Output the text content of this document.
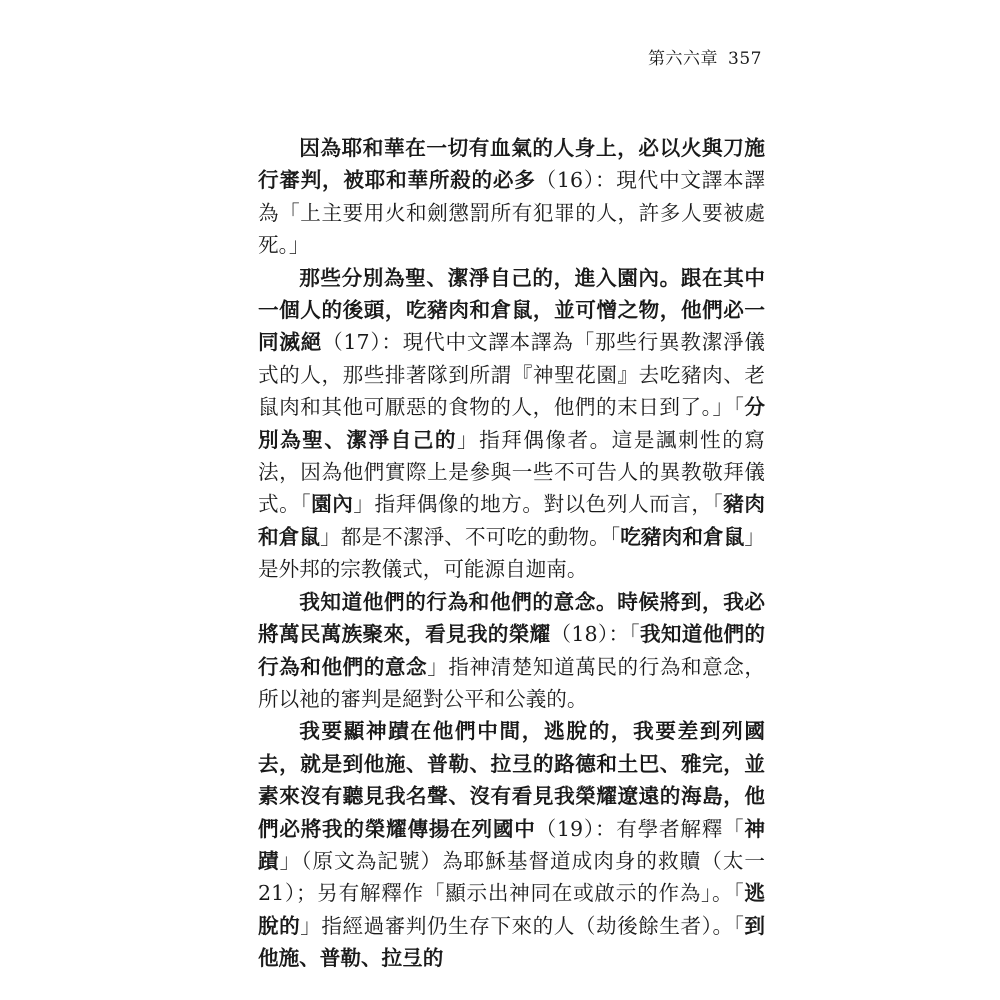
第六六章 357

因為耶和華在一切有血氣的人身上，必以火與刀施行審判，被耶和華所殺的必多（16）：現代中文譯本譯為「上主要用火和劍懲罰所有犯罪的人，許多人要被處死。」

那些分別為聖、潔淨自己的，進入園內。跟在其中一個人的後頭，吃豬肉和倉鼠，並可憎之物，他們必一同滅絕（17）：現代中文譯本譯為「那些行異教潔淨儀式的人，那些排著隊到所謂『神聖花園』去吃豬肉、老鼠肉和其他可厭惡的食物的人，他們的末日到了。」「分別為聖、潔淨自己的」指拜偶像者。這是諷刺性的寫法，因為他們實際上是參與一些不可告人的異教敬拜儀式。「園內」指拜偶像的地方。對以色列人而言，「豬肉和倉鼠」都是不潔淨、不可吃的動物。「吃豬肉和倉鼠」是外邦的宗教儀式，可能源自迦南。

我知道他們的行為和他們的意念。時候將到，我必將萬民萬族聚來，看見我的榮耀（18）：「我知道他們的行為和他們的意念」指神清楚知道萬民的行為和意念，所以祂的審判是絕對公平和公義的。

我要顯神蹟在他們中間，逃脫的，我要差到列國去，就是到他施、普勒、拉弖的路德和土巴、雅完，並素來沒有聽見我名聲、沒有看見我榮耀遼遠的海島，他們必將我的榮耀傳揚在列國中（19）：有學者解釋「神蹟」（原文為記號）為耶穌基督道成肉身的救贖（太一 21）；另有解釋作「顯示出神同在或啟示的作為」。「逃脫的」指經過審判仍生存下來的人（劫後餘生者）。「到他施、普勒、拉弖的
